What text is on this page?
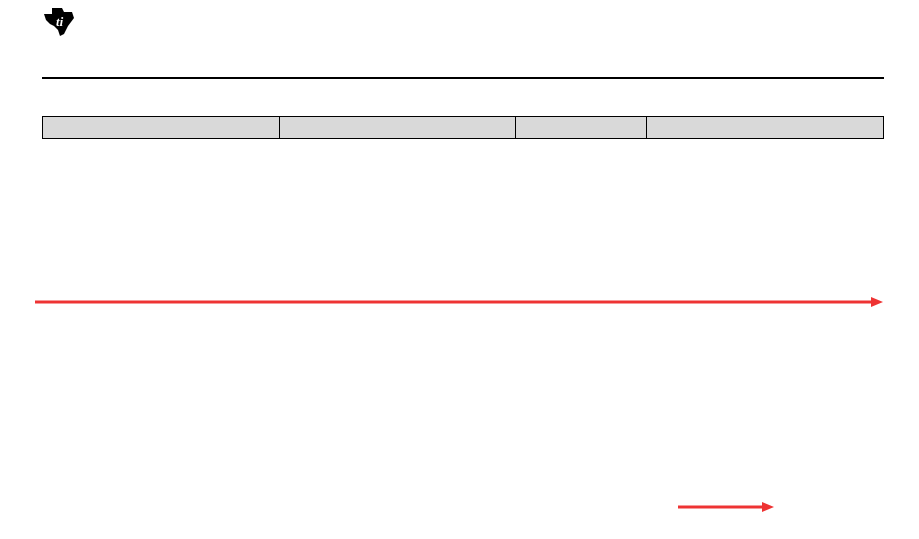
ti
